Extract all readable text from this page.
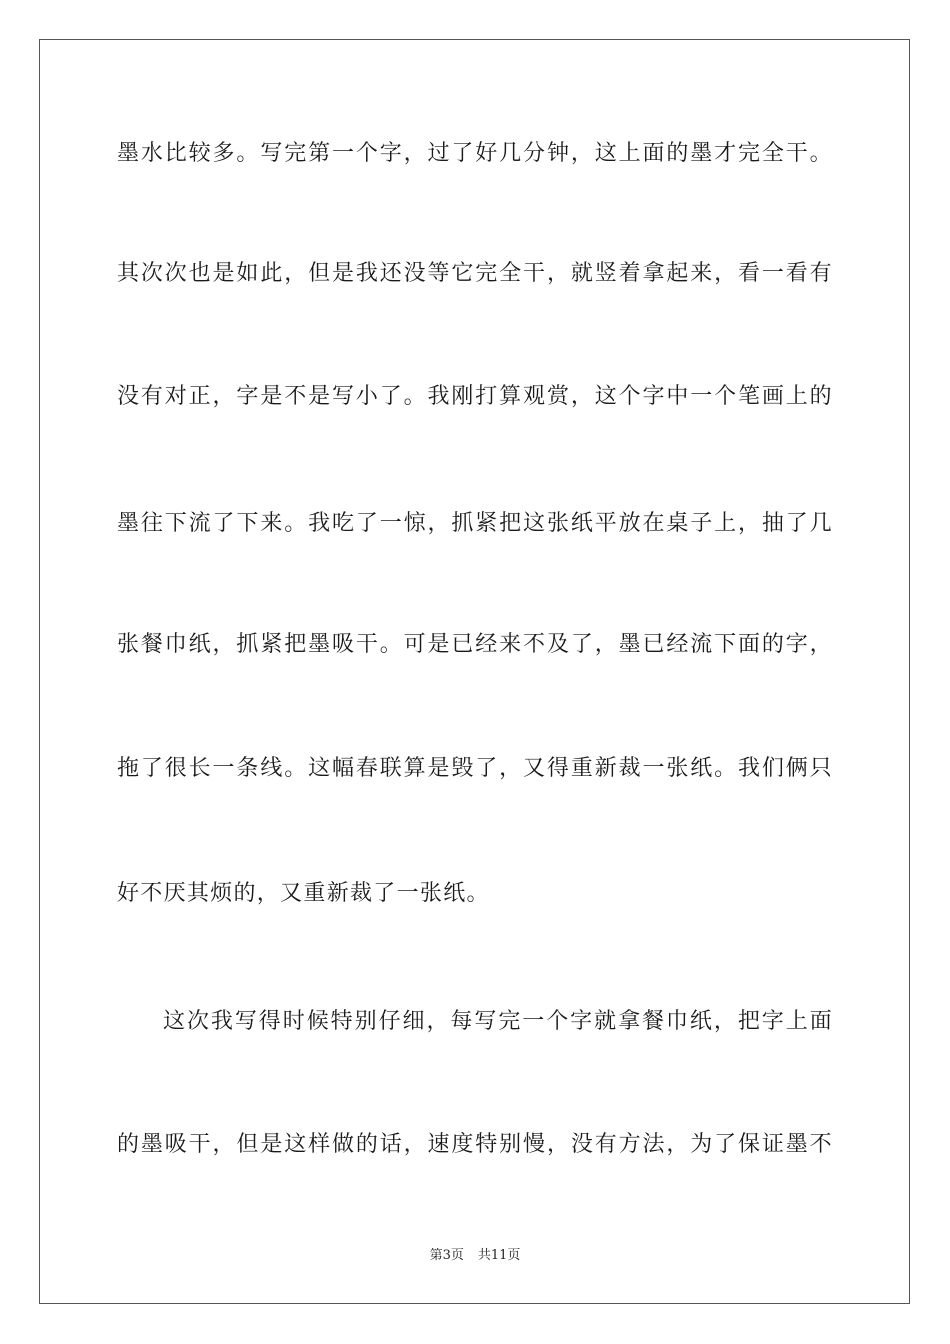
墨水比较多。写完第一个字，过了好几分钟，这上面的墨才完全干。
其次次也是如此，但是我还没等它完全干，就竖着拿起来，看一看有
没有对正，字是不是写小了。我刚打算观赏，这个字中一个笔画上的
墨往下流了下来。我吃了一惊，抓紧把这张纸平放在桌子上，抽了几
张餐巾纸，抓紧把墨吸干。可是已经来不及了，墨已经流下面的字，
拖了很长一条线。这幅春联算是毁了，又得重新裁一张纸。我们俩只
好不厌其烦的，又重新裁了一张纸。
这次我写得时候特别仔细，每写完一个字就拿餐巾纸，把字上面
的墨吸干，但是这样做的话，速度特别慢，没有方法，为了保证墨不
第3页 共11页
